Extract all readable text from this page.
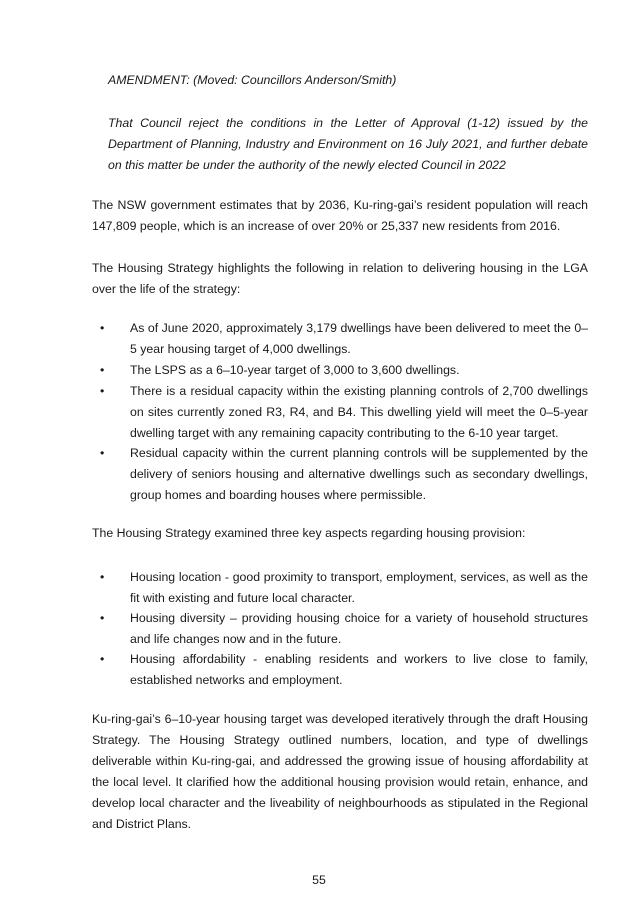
AMENDMENT: (Moved: Councillors Anderson/Smith)

That Council reject the conditions in the Letter of Approval (1-12) issued by the Department of Planning, Industry and Environment on 16 July 2021, and further debate on this matter be under the authority of the newly elected Council in 2022

The NSW government estimates that by 2036, Ku-ring-gai’s resident population will reach 147,809 people, which is an increase of over 20% or 25,337 new residents from 2016.

The Housing Strategy highlights the following in relation to delivering housing in the LGA over the life of the strategy:

• As of June 2020, approximately 3,179 dwellings have been delivered to meet the 0–5 year housing target of 4,000 dwellings.

• The LSPS as a 6–10-year target of 3,000 to 3,600 dwellings.

• There is a residual capacity within the existing planning controls of 2,700 dwellings on sites currently zoned R3, R4, and B4. This dwelling yield will meet the 0–5-year dwelling target with any remaining capacity contributing to the 6-10 year target.

• Residual capacity within the current planning controls will be supplemented by the delivery of seniors housing and alternative dwellings such as secondary dwellings, group homes and boarding houses where permissible.

The Housing Strategy examined three key aspects regarding housing provision:

• Housing location - good proximity to transport, employment, services, as well as the fit with existing and future local character.

• Housing diversity – providing housing choice for a variety of household structures and life changes now and in the future.

• Housing affordability - enabling residents and workers to live close to family, established networks and employment.

Ku-ring-gai’s 6–10-year housing target was developed iteratively through the draft Housing Strategy. The Housing Strategy outlined numbers, location, and type of dwellings deliverable within Ku-ring-gai, and addressed the growing issue of housing affordability at the local level. It clarified how the additional housing provision would retain, enhance, and develop local character and the liveability of neighbourhoods as stipulated in the Regional and District Plans.

55
